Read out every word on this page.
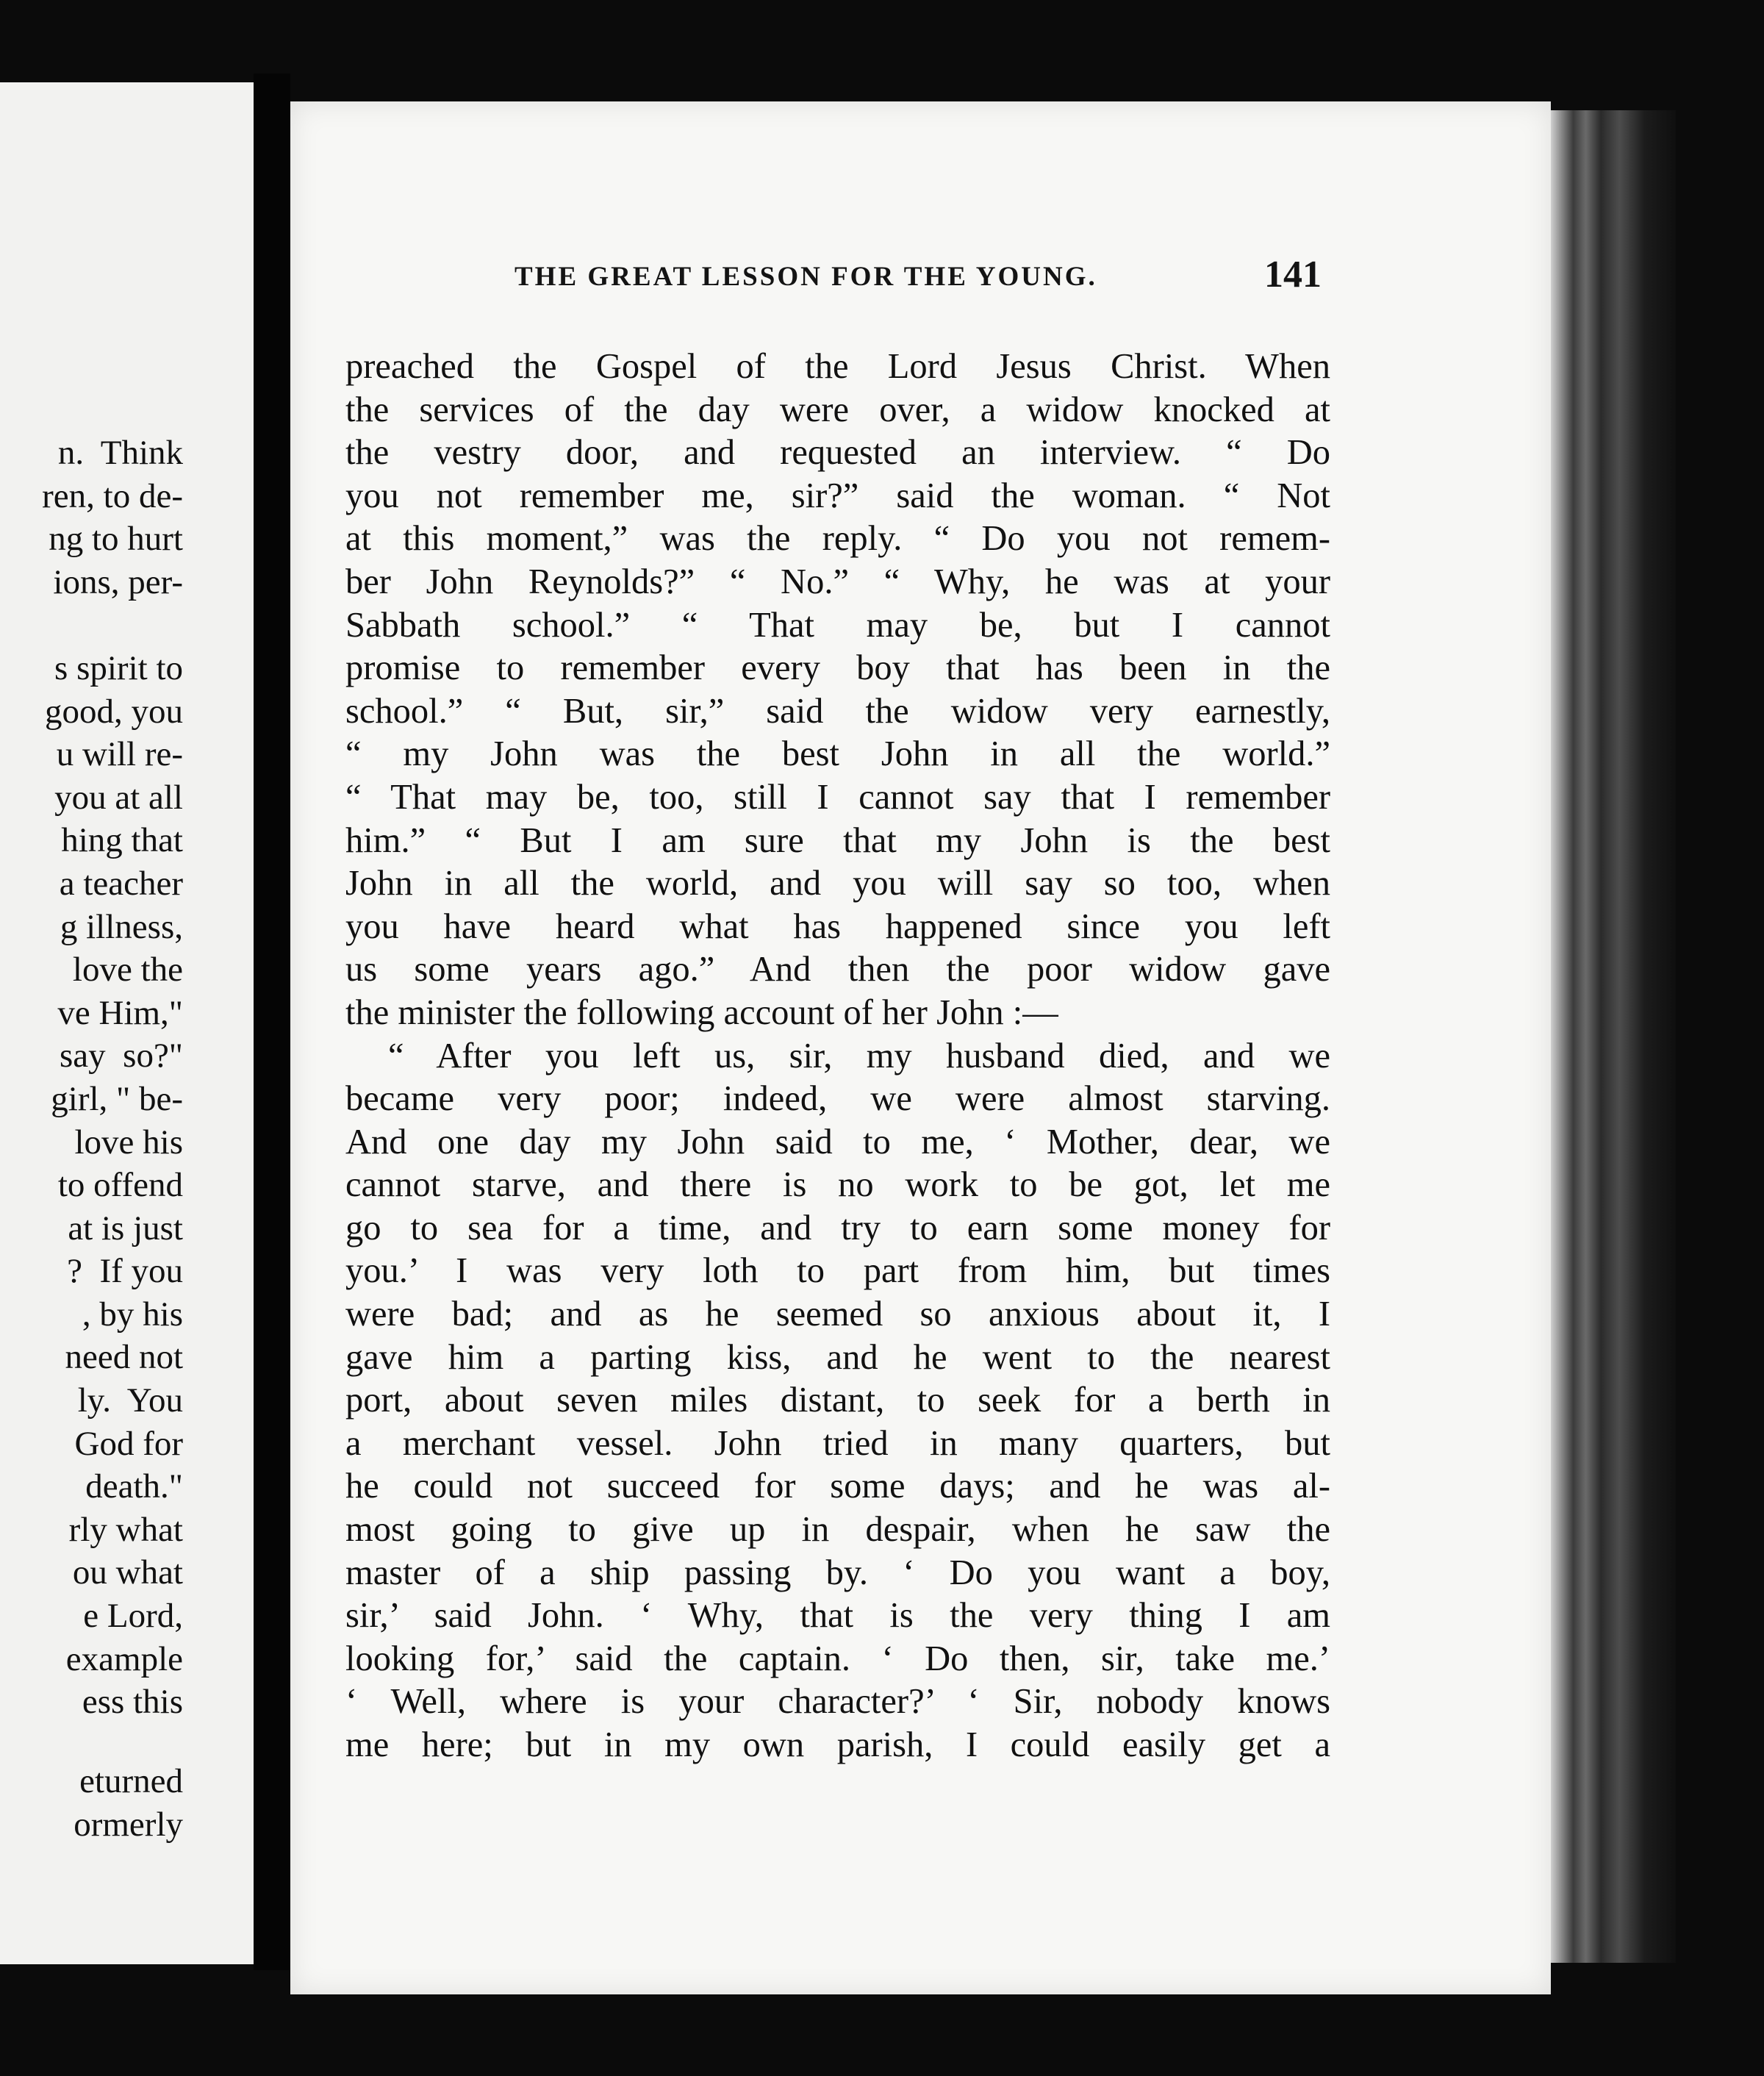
n.  Think
ren, to de-
ng to hurt
ions, per-

s spirit to
good, you
u will re-
you at all
hing that
a teacher
g illness,
love the
ve Him,"
say  so?"
girl, " be-
love his
to offend
at is just
?  If you
, by his
need not
ly.  You
God for
death."
rly what
ou what
e Lord,
example
ess this
eturned
ormerly
THE GREAT LESSON FOR THE YOUNG.	141
preached the Gospel of the Lord Jesus Christ. When
the services of the day were over, a widow knocked at
the vestry door, and requested an interview. “ Do
you not remember me, sir?” said the woman. “ Not
at this moment,” was the reply. “ Do you not remem-
ber John Reynolds?” “ No.” “ Why, he was at your
Sabbath school.” “ That may be, but I cannot
promise to remember every boy that has been in the
school.” “ But, sir,” said the widow very earnestly,
“ my John was the best John in all the world.”
“ That may be, too, still I cannot say that I remember
him.” “ But I am sure that my John is the best
John in all the world, and you will say so too, when
you have heard what has happened since you left
us some years ago.” And then the poor widow gave
the minister the following account of her John :—
“ After you left us, sir, my husband died, and we
became very poor; indeed, we were almost starving.
And one day my John said to me, ‘ Mother, dear, we
cannot starve, and there is no work to be got, let me
go to sea for a time, and try to earn some money for
you.’ I was very loth to part from him, but times
were bad; and as he seemed so anxious about it, I
gave him a parting kiss, and he went to the nearest
port, about seven miles distant, to seek for a berth in
a merchant vessel. John tried in many quarters, but
he could not succeed for some days; and he was al-
most going to give up in despair, when he saw the
master of a ship passing by. ‘ Do you want a boy,
sir,’ said John. ‘ Why, that is the very thing I am
looking for,’ said the captain. ‘ Do then, sir, take me.’
‘ Well, where is your character?’ ‘ Sir, nobody knows
me here; but in my own parish, I could easily get a
